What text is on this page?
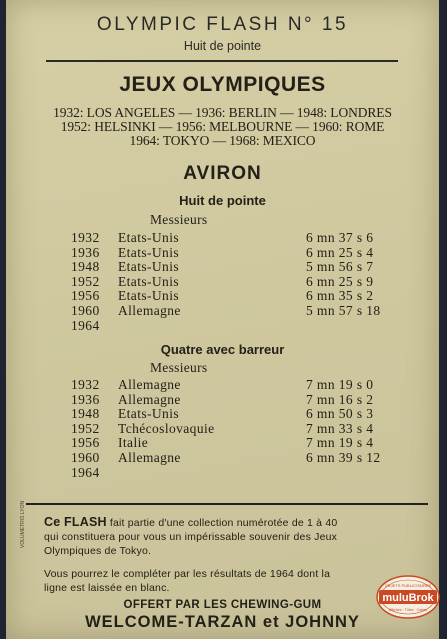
OLYMPIC FLASH N° 15
Huit de pointe
JEUX OLYMPIQUES
1932: LOS ANGELES — 1936: BERLIN — 1948: LONDRES
1952: HELSINKI — 1956: MELBOURNE — 1960: ROME
1964: TOKYO — 1968: MEXICO
AVIRON
Huit de pointe
Messieurs
1932 Etats-Unis	6 mn 37 s 6
1936 Etats-Unis	6 mn 25 s 4
1948 Etats-Unis	5 mn 56 s 7
1952 Etats-Unis	6 mn 25 s 9
1956 Etats-Unis	6 mn 35 s 2
1960 Allemagne	5 mn 57 s 18
1964
Quatre avec barreur
Messieurs
1932 Allemagne	7 mn 19 s 0
1936 Allemagne	7 mn 16 s 2
1948 Etats-Unis	6 mn 50 s 3
1952 Tchécoslovaquie	7 mn 33 s 4
1956 Italie	7 mn 19 s 4
1960 Allemagne	6 mn 39 s 12
1964
Ce FLASH fait partie d'une collection numérotée de 1 à 40
qui constituera pour vous un impérissable souvenir des Jeux
Olympiques de Tokyo.
Vous pourrez le compléter par les résultats de 1964 dont la
ligne est laissée en blanc.
VOLUMETRIS LYON
OFFERT PAR LES CHEWING-GUM
WELCOME-TARZAN et JOHNNY
muluBrok
OBJETS PUBLICITAIRES
Affiches · Tôles · Cartes
